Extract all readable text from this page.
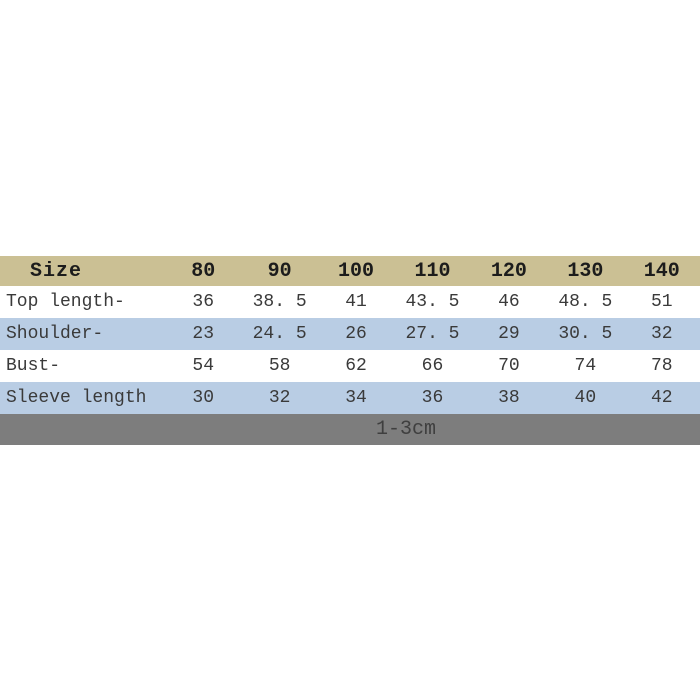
Size	80	90	100	110	120	130	140
Top length-	36	38. 5	41	43. 5	46	48. 5	51
Shoulder-	23	24. 5	26	27. 5	29	30. 5	32
Bust-	54	58	62	66	70	74	78
Sleeve length	30	32	34	36	38	40	42
1-3cm
